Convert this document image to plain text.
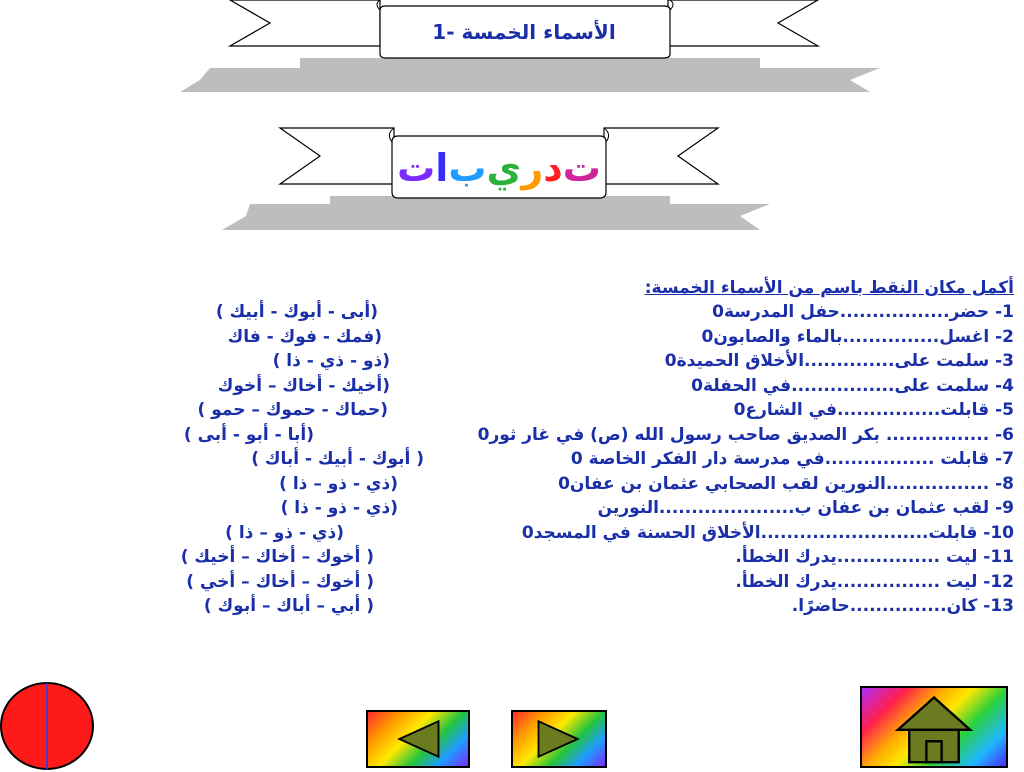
1- الأسماء الخمسة
ت
د
ر
ي
ب
ا
ت
أكمل مكان النقط باسم من الأسماء الخمسة:
1- حضر.................حفل المدرسة0
(أبى - أبوك - أبيك )
2- اغسل...............بالماء والصابون0
(فمك - فوك - فاك
3- سلمت على..............الأخلاق الحميدة0
(ذو - ذي - ذا )
4- سلمت على................في الحفلة0
(أخيك - أخاك – أخوك
5- قابلت................في الشارع0
(حماك - حموك – حمو )
6- ................ بكر الصديق صاحب رسول الله (ص) في غار ثور0
(أبا - أبو - أبى )
7- قابلت .................في مدرسة دار الفكر الخاصة 0
( أبوك - أبيك - أباك )
8- ................النورين لقب الصحابي عثمان بن عفان0
(ذي - ذو – ذا )
9- لقب عثمان بن عفان ب.....................النورين
(ذي - ذو - ذا )
10- قابلت..........................الأخلاق الحسنة في المسجد0
(ذي - ذو – ذا )
11- ليت ................يدرك الخطأ.
( أخوك – أخاك – أخيك )
12- ليت ................يدرك الخطأ.
( أخوك – أخاك – أخي )
13- كان...............حاضرًا.
( أبي – أباك – أبوك )
